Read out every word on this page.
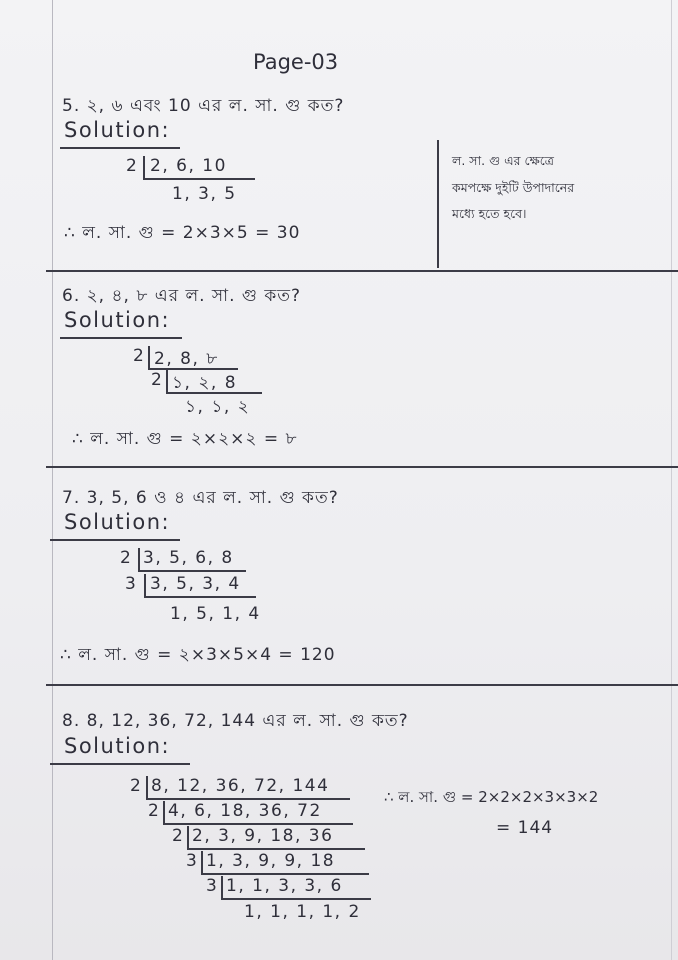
Page-03
5. ২, ৬ এবং 10 এর ল. সা. গু কত?
Solution:
2 2, 6, 10
1, 3, 5
∴ ল. সা. গু = 2×3×5 = 30
ল. সা. গু এর ক্ষেত্রে
কমপক্ষে দুইটি উপাদানের
মধ্যে হতে হবে।
6. ২, ৪, ৮ এর ল. সা. গু কত?
Solution:
2 2, 8, ৮
2 ১, ২, 8
১, ১, ২
∴ ল. সা. গু = ২×২×২ = ৮
7. 3, 5, 6 ও ৪ এর ল. সা. গু কত?
Solution:
2 3, 5, 6, 8
3 3, 5, 3, 4
1, 5, 1, 4
∴ ল. সা. গু = ২×3×5×4 = 120
8. 8, 12, 36, 72, 144 এর ল. সা. গু কত?
Solution:
2 8, 12, 36, 72, 144
2 4, 6, 18, 36, 72
2 2, 3, 9, 18, 36
3 1, 3, 9, 9, 18
3 1, 1, 3, 3, 6
1, 1, 1, 1, 2
∴ ল. সা. গু = 2×2×2×3×3×2
= 144
